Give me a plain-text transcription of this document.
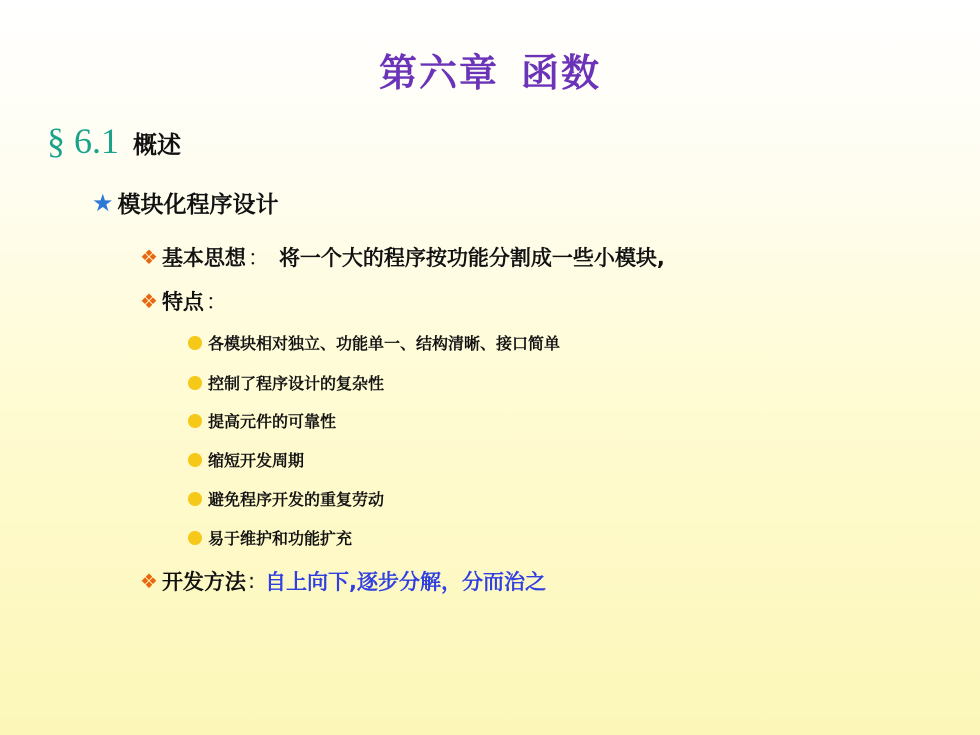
第六章 函数
§ 6.1 概述
★ 模块化程序设计
❖ 基本思想 ： 将一个大的程序按功能分割成一些小模块,
❖ 特点 ：
各模块相对独立、功能单一、结构清晰、接口简单
控制了程序设计的复杂性
提高元件的可靠性
缩短开发周期
避免程序开发的重复劳动
易于维护和功能扩充
❖ 开发方法 : 自上向下,逐步分解，分而治之
